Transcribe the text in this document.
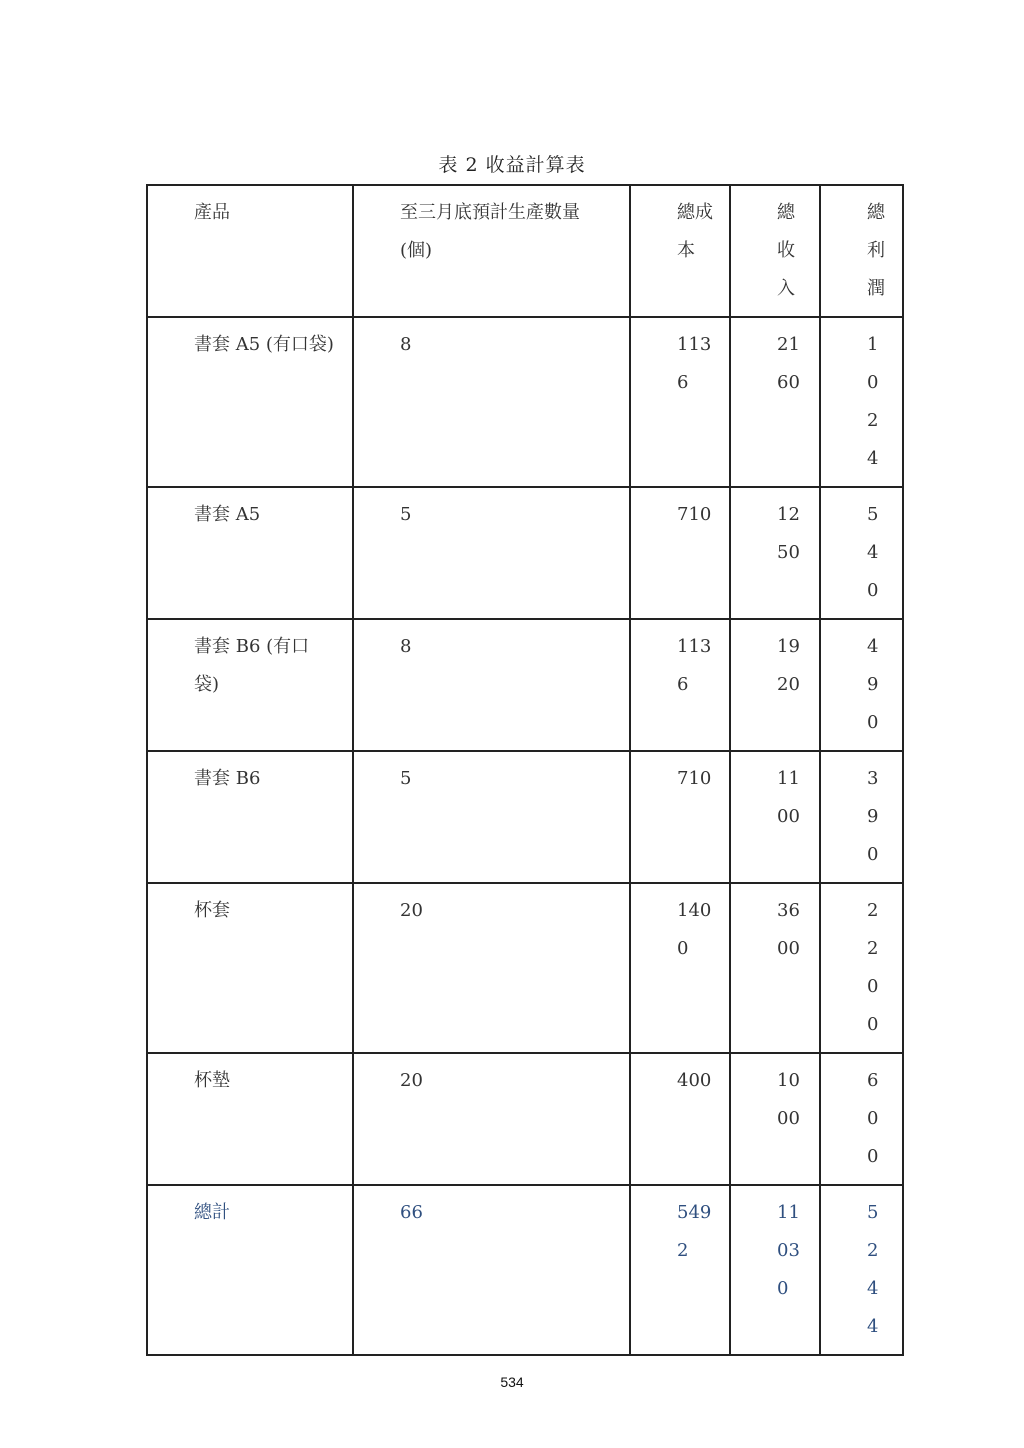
表 2 收益計算表
產品	至三月底預計生產數量(個)	總成本	總收入	總利潤

書套 A5 (有口袋)	8	1136	2160	1024

書套 A5	5	710	1250	540

書套 B6 (有口袋)	8	1136	1920	490

書套 B6	5	710	1100	390

杯套	20	1400	3600	2200

杯墊	20	400	1000	600

總計	66	5492	11030	5244
534
